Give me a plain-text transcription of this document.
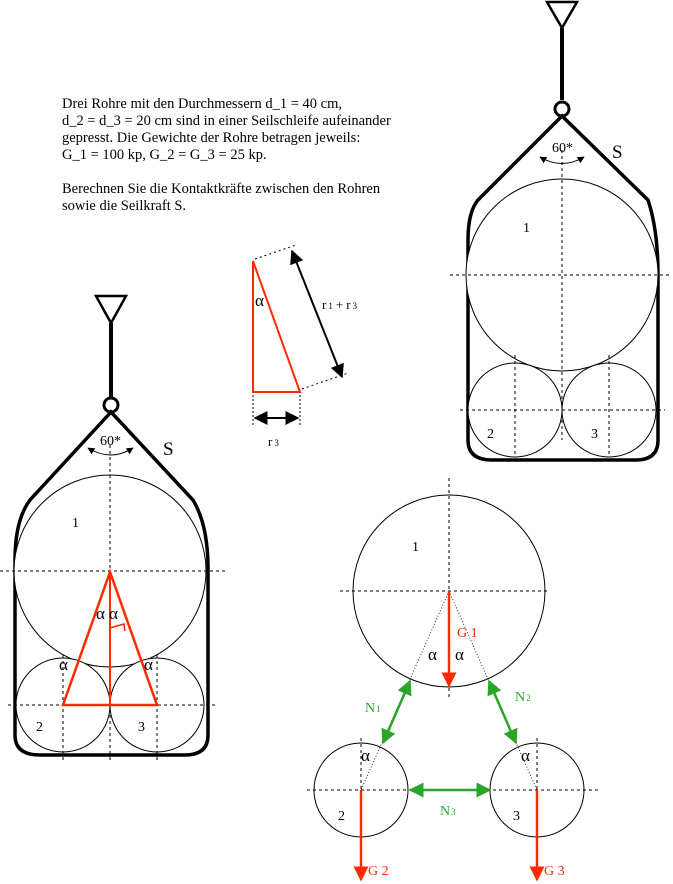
Drei Rohre mit den Durchmessern d_1 = 40 cm,
d_2 = d_3 = 20 cm sind in einer Seilschleife aufeinander
gepresst. Die Gewichte der Rohre betragen jeweils:
G_1 = 100 kp, G_2 = G_3 = 25 kp.

Berechnen Sie die Kontaktkräfte zwischen den Rohren
sowie die Seilkraft S.

60* S
1
2	3
α	r 1 + r 3
r 3
60* S
1
2	3
α α
α	α
1
2	3
α α
α	α
G 1
G 2	G 3
N1
N2
N3
